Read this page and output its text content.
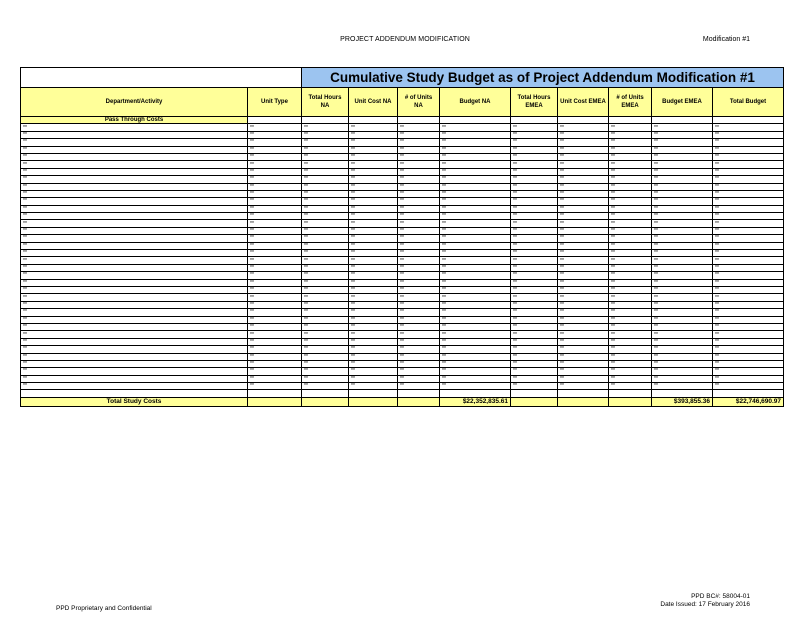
PROJECT ADDENDUM MODIFICATION	Modification #1
		Cumulative Study Budget as of Project Addendum Modification #1								
Department/Activity	Unit Type	Total Hours NA	Unit Cost NA	# of Units NA	Budget NA	Total Hours EMEA	Unit Cost EMEA	# of Units EMEA	Budget EMEA	Total Budget
Pass Through Costs										
**	**	**	**	**	**	**	**	**	**	**
**	**	**	**	**	**	**	**	**	**	**
**	**	**	**	**	**	**	**	**	**	**
**	**	**	**	**	**	**	**	**	**	**
**	**	**	**	**	**	**	**	**	**	**
**	**	**	**	**	**	**	**	**	**	**
**	**	**	**	**	**	**	**	**	**	**
**	**	**	**	**	**	**	**	**	**	**
**	**	**	**	**	**	**	**	**	**	**
**	**	**	**	**	**	**	**	**	**	**
**	**	**	**	**	**	**	**	**	**	**
**	**	**	**	**	**	**	**	**	**	**
**	**	**	**	**	**	**	**	**	**	**
**	**	**	**	**	**	**	**	**	**	**
**	**	**	**	**	**	**	**	**	**	**
**	**	**	**	**	**	**	**	**	**	**
**	**	**	**	**	**	**	**	**	**	**
**	**	**	**	**	**	**	**	**	**	**
**	**	**	**	**	**	**	**	**	**	**
**	**	**	**	**	**	**	**	**	**	**
**	**	**	**	**	**	**	**	**	**	**
**	**	**	**	**	**	**	**	**	**	**
**	**	**	**	**	**	**	**	**	**	**
**	**	**	**	**	**	**	**	**	**	**
**	**	**	**	**	**	**	**	**	**	**
**	**	**	**	**	**	**	**	**	**	**
**	**	**	**	**	**	**	**	**	**	**
**	**	**	**	**	**	**	**	**	**	**
**	**	**	**	**	**	**	**	**	**	**
**	**	**	**	**	**	**	**	**	**	**
**	**	**	**	**	**	**	**	**	**	**
**	**	**	**	**	**	**	**	**	**	**
**	**	**	**	**	**	**	**	**	**	**
**	**	**	**	**	**	**	**	**	**	**
**	**	**	**	**	**	**	**	**	**	**
**	**	**	**	**	**	**	**	**	**	**

Total Study Costs					$22,352,835.61				$393,855.36	$22,746,690.97
PPD Proprietary and Confidential
PPD BC#: 58004-01
Date Issued: 17 February 2016
